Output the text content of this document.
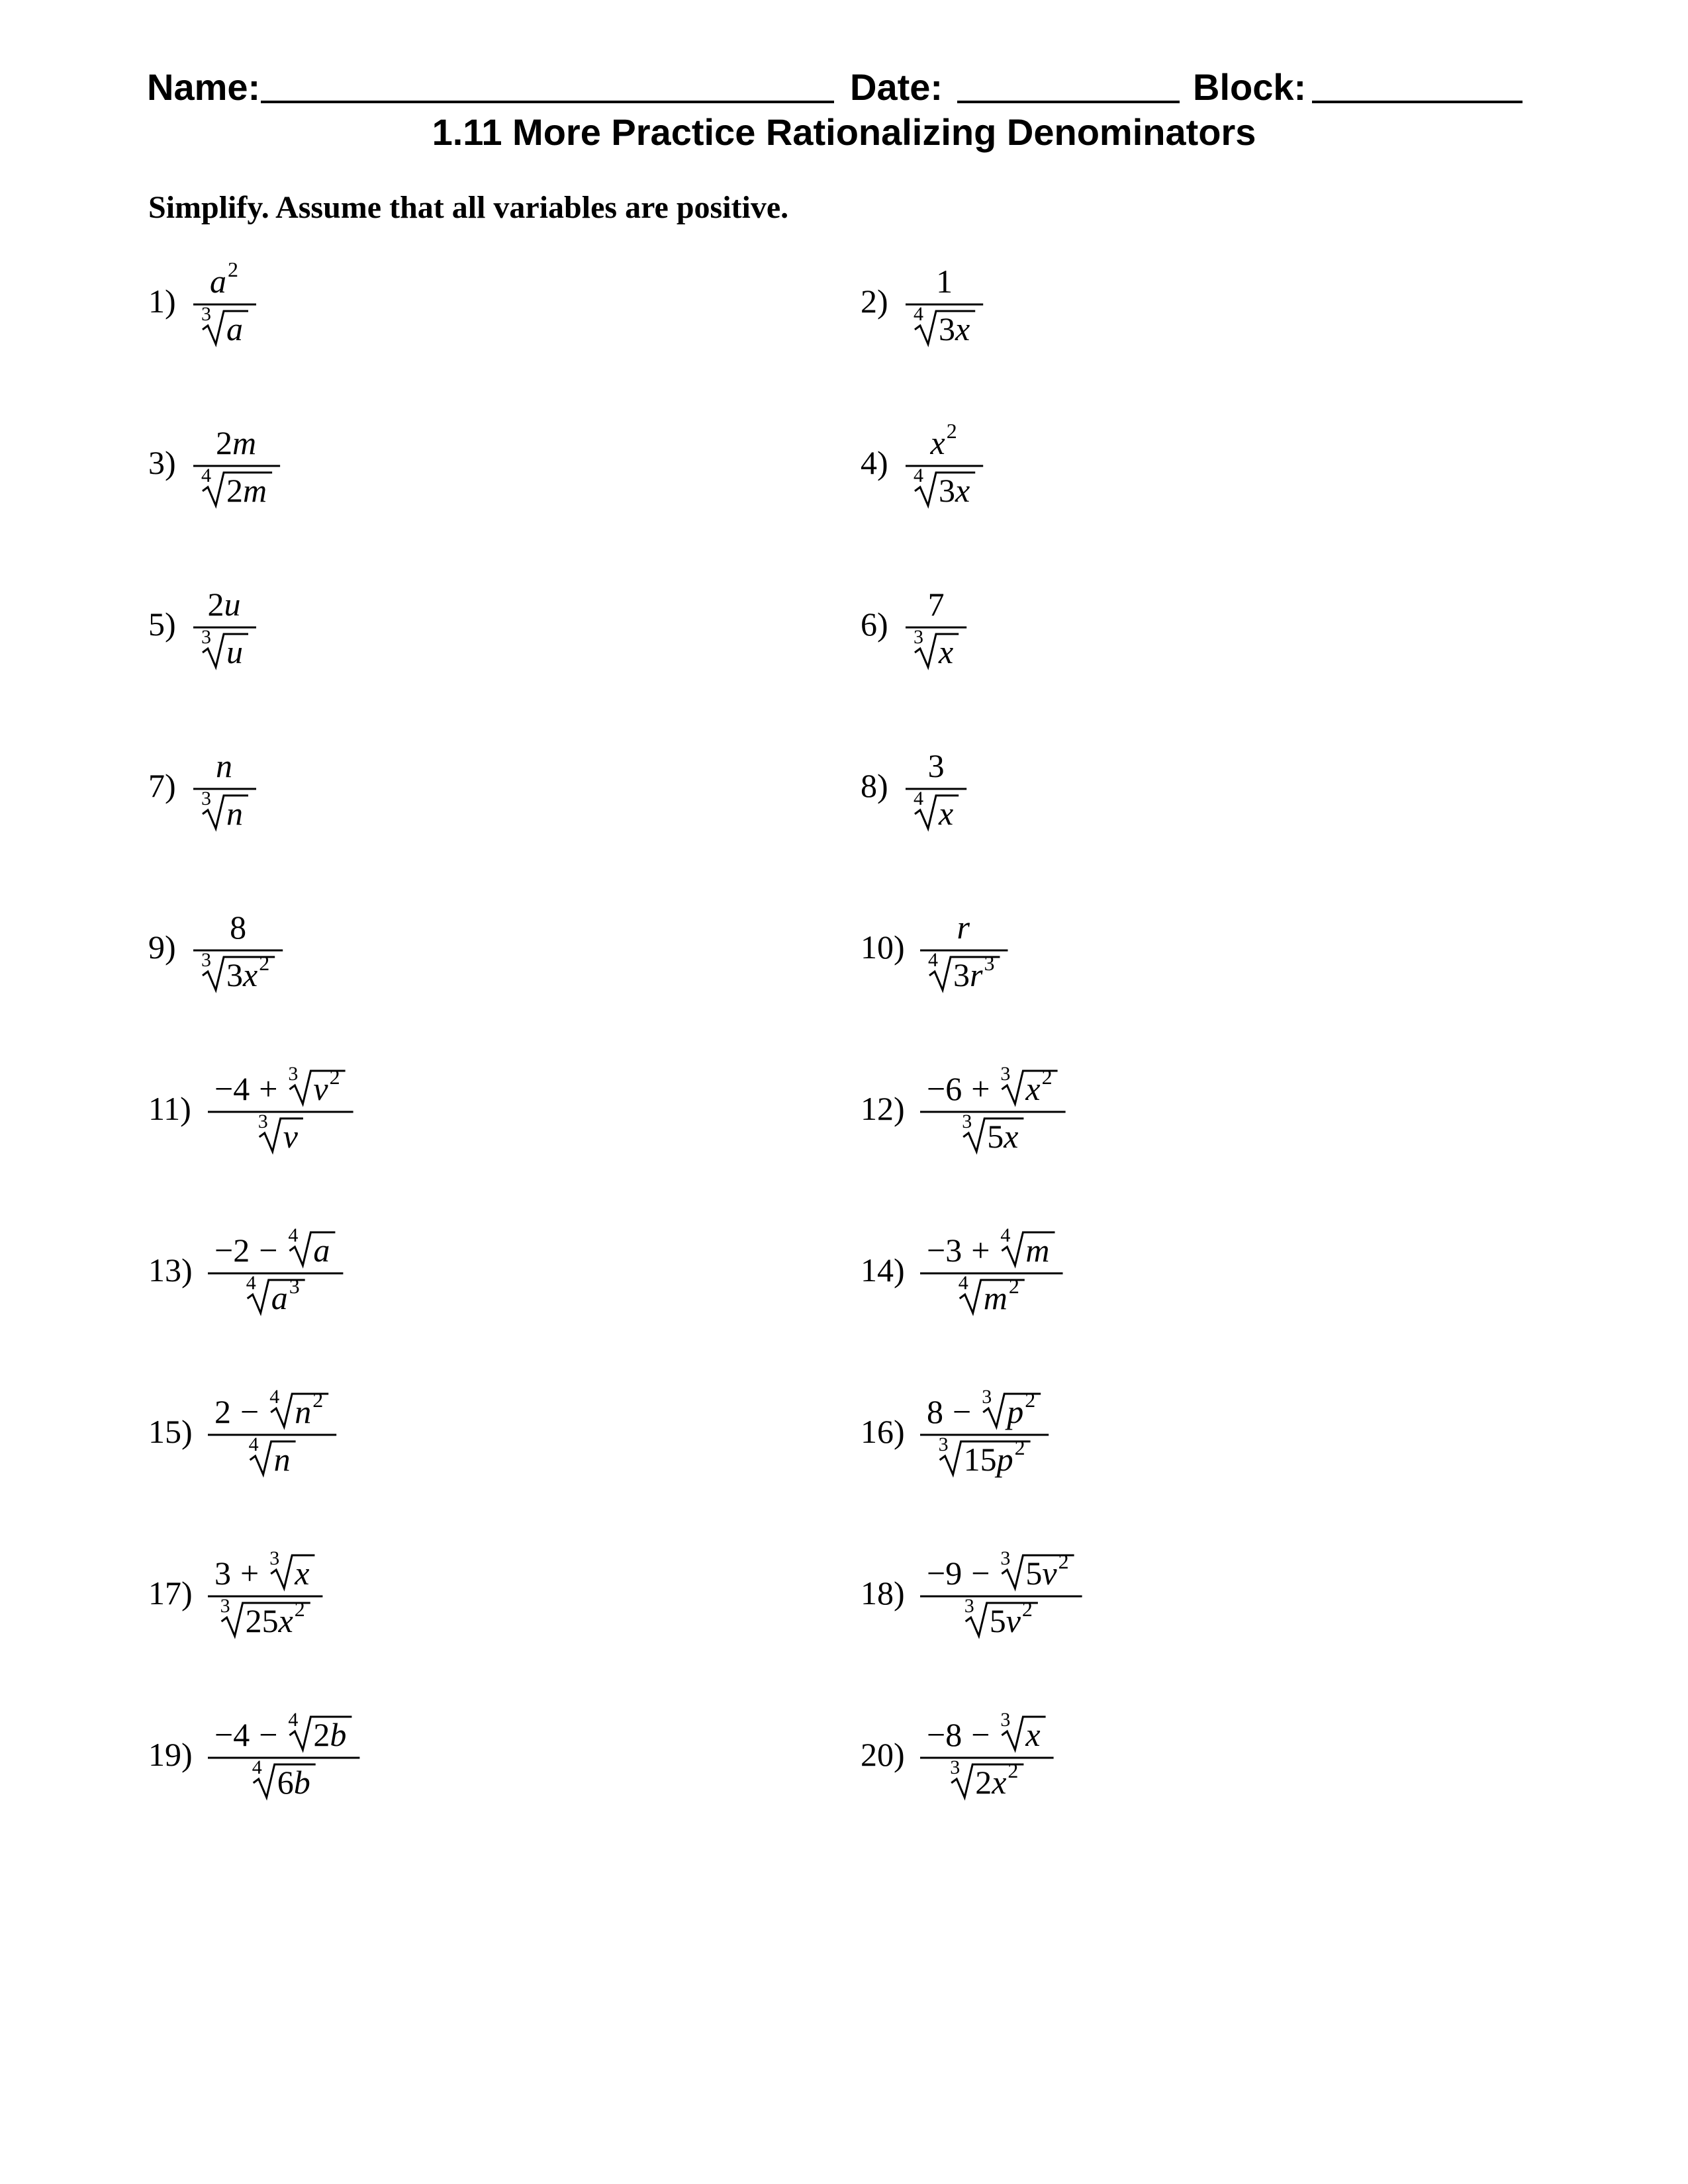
Name:	Date:	Block:
1.11 More Practice Rationalizing Denominators
Simplify. Assume that all variables are positive.
1)
a 2
3 a
2)
1
4 3 x
3)
2 m
4 2 m
4)
x 2
4 3 x
5)
2 u
3 u
6)
7
3 x
7)
n
3 n
8)
3
4 x
9)
8
3 3 x 2	10)
r
4 3 r 3
11)
−4 + 3 v 2
3 v
12)
−6 + 3 x 2
3 5 x
13)
−2 − 4 a
4 a 3	14)
−3 + 4 m
4 m 2
15)
2 − 4 n 2
4 n
16)
8 − 3 p 2
3 15 p 2
17)
3 + 3 x
3 25 x 2	18)
−9 − 3 5 v 2
3 5 v 2
19)
−4 − 4 2 b
4 6 b
20)
−8 − 3 x
3 2 x 2
